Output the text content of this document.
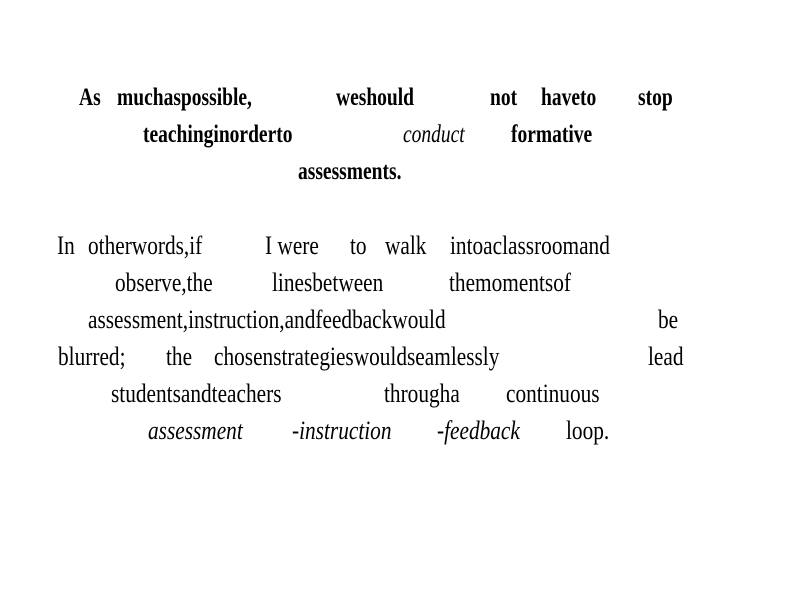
As muchaspossible,	weshould	not haveto stop
teachinginorderto	conduct formative
assessments.
In otherwords,if I were to walk intoaclassroomand
observe,the linesbetween	themomentsof
assessment,instruction,andfeedbackwould	be
blurred; the chosenstrategieswouldseamlessly	lead
studentsandteachers	througha continuous
assessment -instruction -feedback loop.
